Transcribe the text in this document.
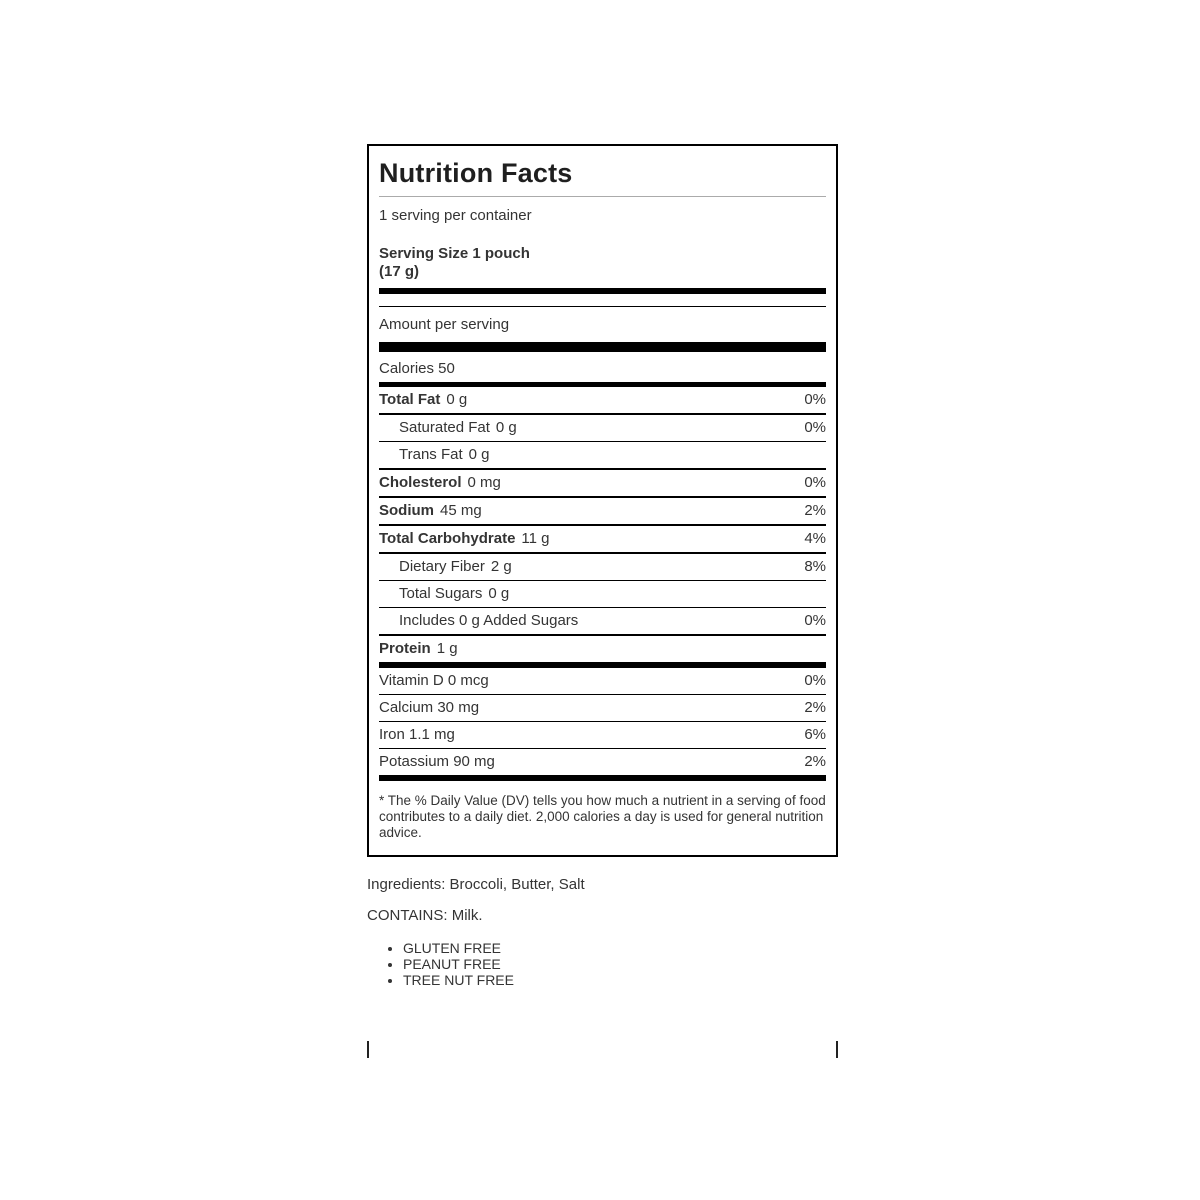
Nutrition Facts
1 serving per container
Serving Size 1 pouch
(17 g)
Amount per serving
Calories 50
Total Fat 0 g	0%
Saturated Fat 0 g	0%
Trans Fat 0 g
Cholesterol 0 mg	0%
Sodium 45 mg	2%
Total Carbohydrate 11 g	4%
Dietary Fiber 2 g	8%
Total Sugars 0 g
Includes 0 g Added Sugars	0%
Protein 1 g
Vitamin D 0 mcg	0%
Calcium 30 mg	2%
Iron 1.1 mg	6%
Potassium 90 mg	2%
* The % Daily Value (DV) tells you how much a nutrient in a serving of food contributes to a daily diet. 2,000 calories a day is used for general nutrition advice.
Ingredients: Broccoli, Butter, Salt
CONTAINS: Milk.
• GLUTEN FREE
• PEANUT FREE
• TREE NUT FREE
